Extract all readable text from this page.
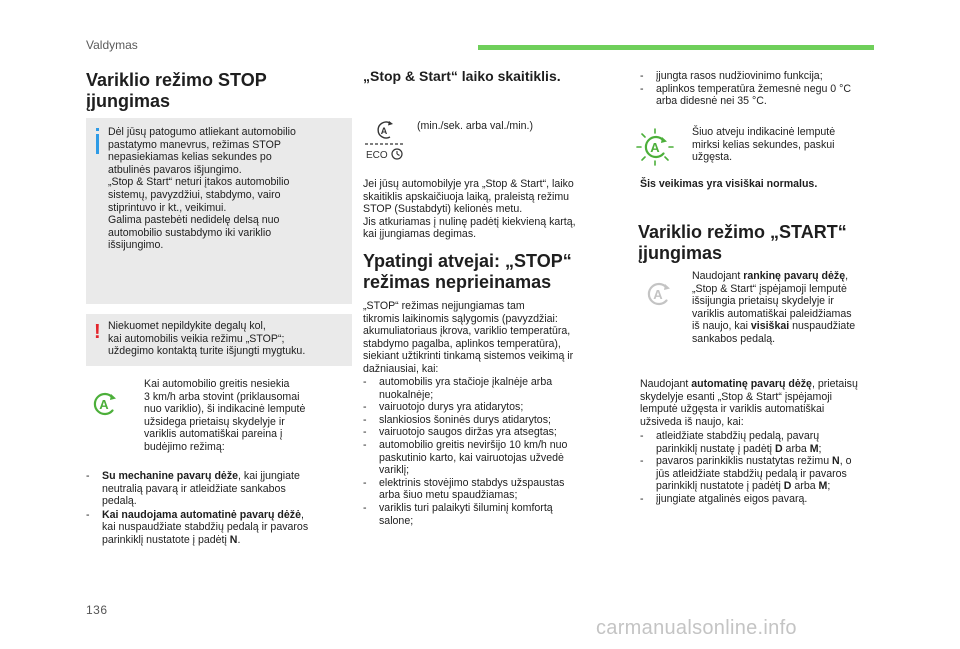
Valdymas
Variklio režimo STOP
įjungimas
Dėl jūsų patogumo atliekant automobilio
pastatymo manevrus, režimas STOP
nepasiekiamas kelias sekundes po
atbulinės pavaros išjungimo.
„Stop & Start“ neturi įtakos automobilio
sistemų, pavyzdžiui, stabdymo, vairo
stiprintuvo ir kt., veikimui.
Galima pastebėti nedidelę delsą nuo
automobilio sustabdymo iki variklio
išsijungimo.
! Niekuomet nepildykite degalų kol,
kai automobilis veikia režimu „STOP“;
uždegimo kontaktą turite išjungti mygtuku.
A
Kai automobilio greitis nesiekia
3 km/h arba stovint (priklausomai
nuo variklio), ši indikacinė lemputė
užsidega prietaisų skydelyje ir
variklis automatiškai pareina į
budėjimo režimą:
- Su mechanine pavarų dėže, kai įjungiate
neutralią pavarą ir atleidžiate sankabos
pedalą.
- Kai naudojama automatinė pavarų dėžė,
kai nuspaudžiate stabdžių pedalą ir pavaros
parinkiklį nustatote į padėtį N.
„Stop & Start“ laiko skaitiklis.
A
ECO
(min./sek. arba val./min.)
Jei jūsų automobilyje yra „Stop & Start“, laiko
skaitiklis apskaičiuoja laiką, praleistą režimu
STOP (Sustabdyti) kelionės metu.
Jis atkuriamas į nulinę padėtį kiekvieną kartą,
kai įjungiamas degimas.
Ypatingi atvejai: „STOP“
režimas neprieinamas
„STOP“ režimas neįjungiamas tam
tikromis laikinomis sąlygomis (pavyzdžiai:
akumuliatoriaus įkrova, variklio temperatūra,
stabdymo pagalba, aplinkos temperatūra),
siekiant užtikrinti tinkamą sistemos veikimą ir
dažniausiai, kai:
- automobilis yra stačioje įkalnėje arba
nuokalnėje;
- vairuotojo durys yra atidarytos;
- slankiosios šoninės durys atidarytos;
- vairuotojo saugos diržas yra atsegtas;
- automobilio greitis neviršijo 10 km/h nuo
paskutinio karto, kai vairuotojas užvedė
variklį;
- elektrinis stovėjimo stabdys užspaustas
arba šiuo metu spaudžiamas;
- variklis turi palaikyti šiluminį komfortą
salone;
- įjungta rasos nudžiovinimo funkcija;
- aplinkos temperatūra žemesnė negu 0 °C
arba didesnė nei 35 °C.
A
Šiuo atveju indikacinė lemputė
mirksi kelias sekundes, paskui
užgęsta.
Šis veikimas yra visiškai normalus.
Variklio režimo „START“
įjungimas
A
Naudojant rankinę pavarų dėžę,
„Stop & Start“ įspėjamoji lemputė
išsijungia prietaisų skydelyje ir
variklis automatiškai paleidžiamas
iš naujo, kai visiškai nuspaudžiate
sankabos pedalą.
Naudojant automatinę pavarų dėžę, prietaisų
skydelyje esanti „Stop & Start“ įspėjamoji
lemputė užgęsta ir variklis automatiškai
užsiveda iš naujo, kai:
- atleidžiate stabdžių pedalą, pavarų
parinkiklį nustatę į padėtį D arba M;
- pavaros parinkiklis nustatytas režimu N, o
jūs atleidžiate stabdžių pedalą ir pavaros
parinkiklį nustatote į padėtį D arba M;
- įjungiate atgalinės eigos pavarą.
136
carmanualsonline.info
